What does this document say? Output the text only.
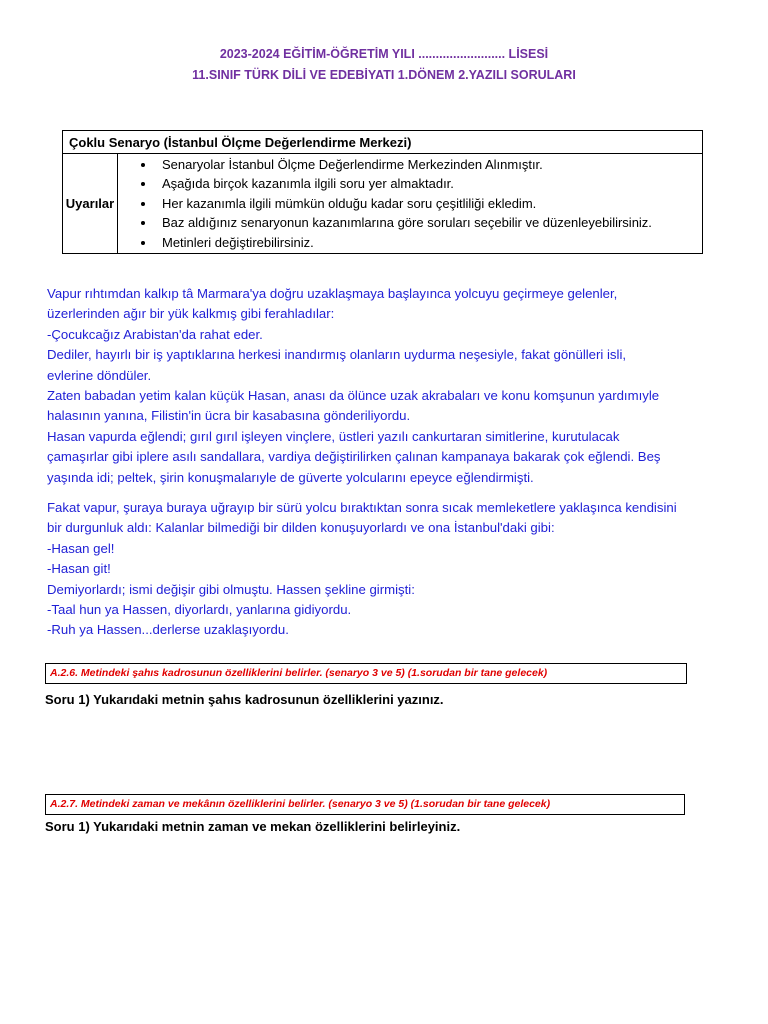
2023-2024 EĞİTİM-ÖĞRETİM YILI ......................... LİSESİ
11.SINIF TÜRK DİLİ VE EDEBİYATI 1.DÖNEM 2.YAZILI SORULARI
Çoklu Senaryo (İstanbul Ölçme Değerlendirme Merkezi)
Uyarılar	
• Senaryolar İstanbul Ölçme Değerlendirme Merkezinden Alınmıştır.
• Aşağıda birçok kazanımla ilgili soru yer almaktadır.
• Her kazanımla ilgili mümkün olduğu kadar soru çeşitliliği ekledim.
• Baz aldığınız senaryonun kazanımlarına göre soruları seçebilir ve düzenleyebilirsiniz.
• Metinleri değiştirebilirsiniz.

Vapur rıhtımdan kalkıp tâ Marmara'ya doğru uzaklaşmaya başlayınca yolcuyu geçirmeye gelenler,

üzerlerinden ağır bir yük kalkmış gibi ferahladılar:

-Çocukcağız Arabistan'da rahat eder.

Dediler, hayırlı bir iş yaptıklarına herkesi inandırmış olanların uydurma neşesiyle, fakat gönülleri isli,

evlerine döndüler.

Zaten babadan yetim kalan küçük Hasan, anası da ölünce uzak akrabaları ve konu komşunun yardımıyle

halasının yanına, Filistin'in ücra bir kasabasına gönderiliyordu.

Hasan vapurda eğlendi; gırıl gırıl işleyen vinçlere, üstleri yazılı cankurtaran simitlerine, kurutulacak

çamaşırlar gibi iplere asılı sandallara, vardiya değiştirilirken çalınan kampanaya bakarak çok eğlendi. Beş

yaşında idi; peltek, şirin konuşmalarıyle de güverte yolcularını epeyce eğlendirmişti.

Fakat vapur, şuraya buraya uğrayıp bir sürü yolcu bıraktıktan sonra sıcak memleketlere yaklaşınca kendisini

bir durgunluk aldı: Kalanlar bilmediği bir dilden konuşuyorlardı ve ona İstanbul'daki gibi:

-Hasan gel!

-Hasan git!

Demiyorlardı; ismi değişir gibi olmuştu. Hassen şekline girmişti:

-Taal hun ya Hassen, diyorlardı, yanlarına gidiyordu.

-Ruh ya Hassen...derlerse uzaklaşıyordu.

A.2.6. Metindeki şahıs kadrosunun özelliklerini belirler. (senaryo 3 ve 5) (1.sorudan bir tane gelecek)
Soru 1) Yukarıdaki metnin şahıs kadrosunun özelliklerini yazınız.
A.2.7. Metindeki zaman ve mekânın özelliklerini belirler. (senaryo 3 ve 5) (1.sorudan bir tane gelecek)
Soru 1) Yukarıdaki metnin zaman ve mekan özelliklerini belirleyiniz.
